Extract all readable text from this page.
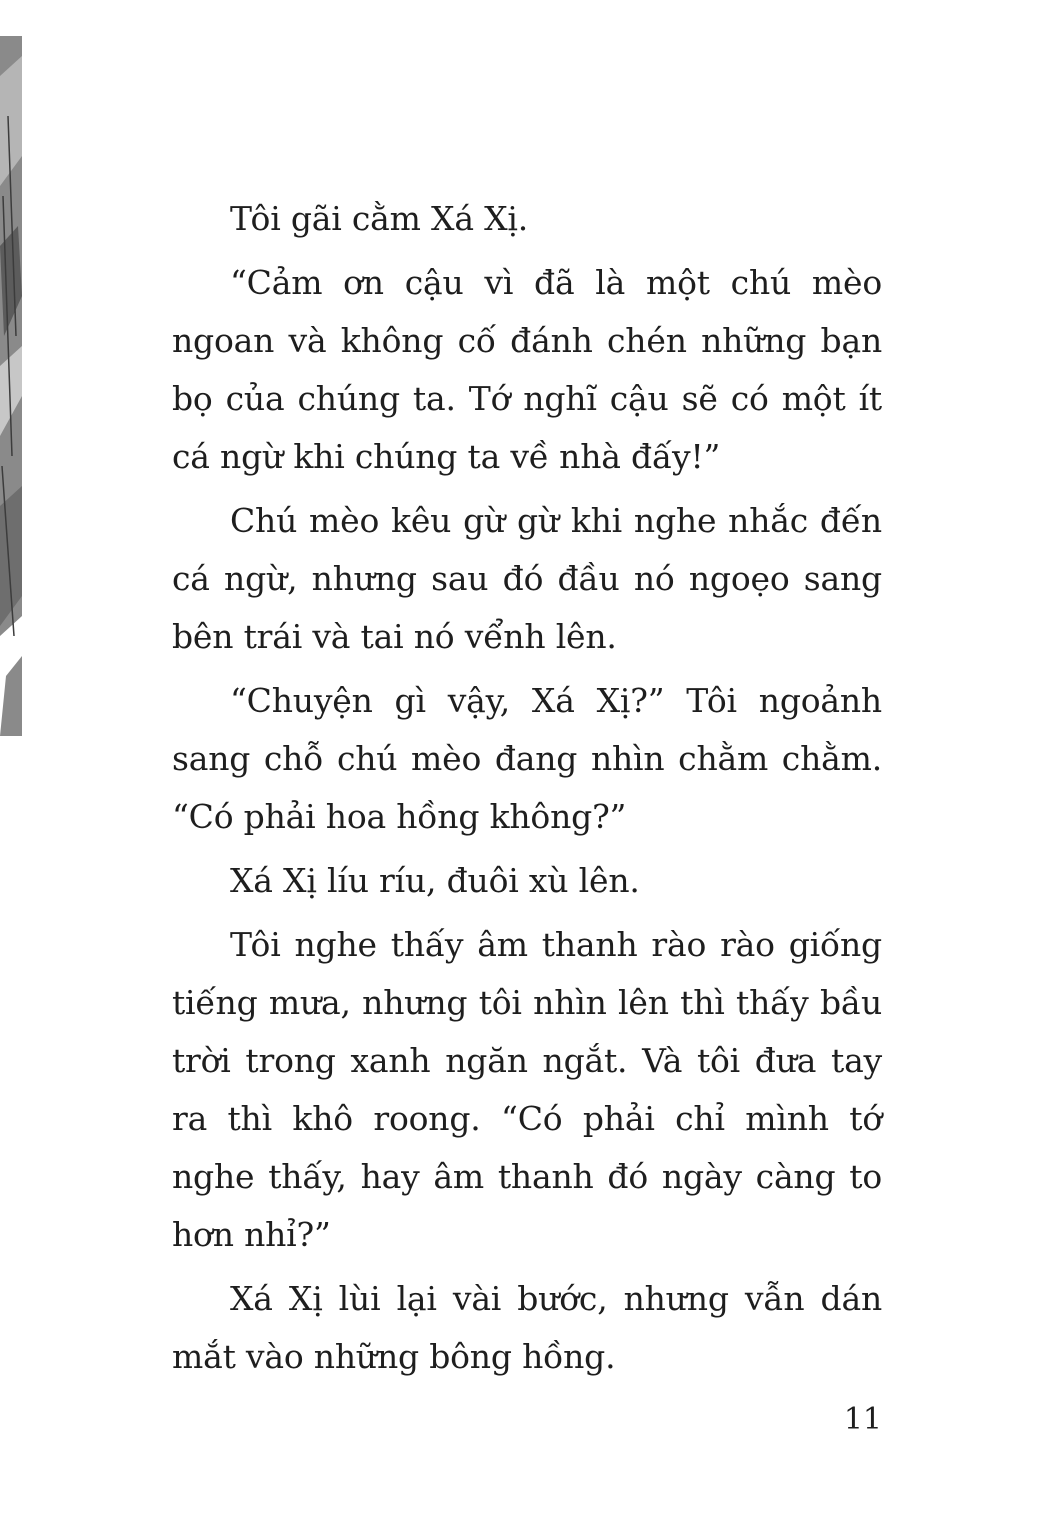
Tôi gãi cằm Xá Xị.

“Cảm ơn cậu vì đã là một chú mèo ngoan và không cố đánh chén những bạn bọ của chúng ta. Tớ nghĩ cậu sẽ có một ít cá ngừ khi chúng ta về nhà đấy!”

Chú mèo kêu gừ gừ khi nghe nhắc đến cá ngừ, nhưng sau đó đầu nó ngoẹo sang bên trái và tai nó vểnh lên.

“Chuyện gì vậy, Xá Xị?” Tôi ngoảnh sang chỗ chú mèo đang nhìn chằm chằm. “Có phải hoa hồng không?”

Xá Xị líu ríu, đuôi xù lên.

Tôi nghe thấy âm thanh rào rào giống tiếng mưa, nhưng tôi nhìn lên thì thấy bầu trời trong xanh ngăn ngắt. Và tôi đưa tay ra thì khô roong. “Có phải chỉ mình tớ nghe thấy, hay âm thanh đó ngày càng to hơn nhỉ?”

Xá Xị lùi lại vài bước, nhưng vẫn dán mắt vào những bông hồng.

11
